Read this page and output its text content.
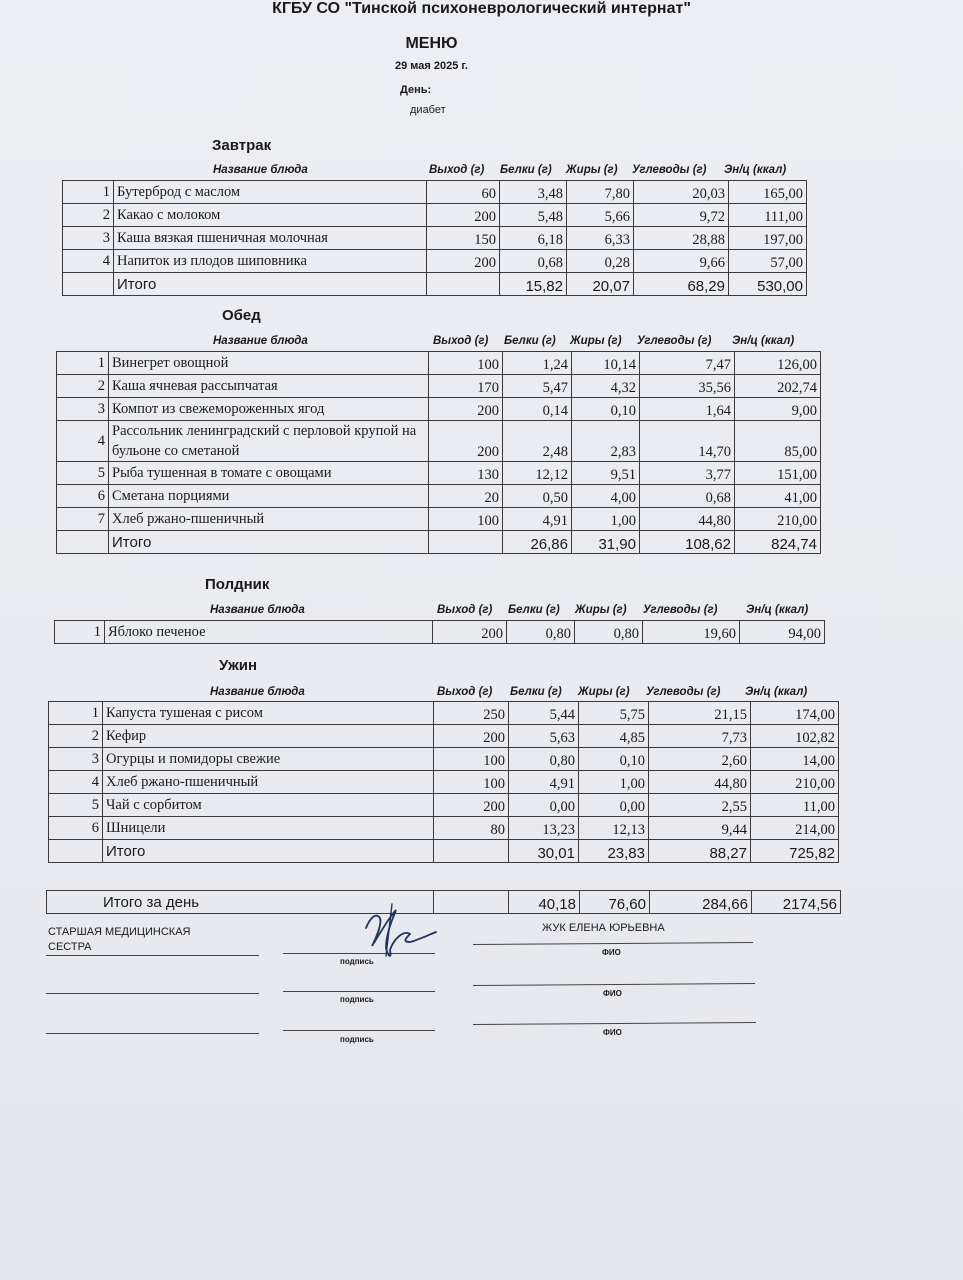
КГБУ СО "Тинской психоневрологический интернат"
МЕНЮ
29 мая 2025 г.
День:
диабет
Завтрак
Название блюда	Выход (г) Белки (г) Жиры (г) Углеводы (г) Эн/ц (ккал)
1	Бутерброд с маслом	60	3,48	7,80	20,03	165,00
2	Какао с молоком	200	5,48	5,66	9,72	111,00
3	Каша вязкая пшеничная молочная	150	6,18	6,33	28,88	197,00
4	Напиток из плодов шиповника	200	0,68	0,28	9,66	57,00
	Итого		15,82	20,07	68,29	530,00
Обед
Название блюда	Выход (г) Белки (г) Жиры (г) Углеводы (г) Эн/ц (ккал)
1	Винегрет овощной	100	1,24	10,14	7,47	126,00
2	Каша ячневая рассыпчатая	170	5,47	4,32	35,56	202,74
3	Компот из свежемороженных ягод	200	0,14	0,10	1,64	9,00
4	Рассольник ленинградский с перловой крупой на бульоне со сметаной	200	2,48	2,83	14,70	85,00
5	Рыба тушенная в томате с овощами	130	12,12	9,51	3,77	151,00
6	Сметана порциями	20	0,50	4,00	0,68	41,00
7	Хлеб ржано-пшеничный	100	4,91	1,00	44,80	210,00
	Итого		26,86	31,90	108,62	824,74
Полдник
Название блюда	Выход (г) Белки (г) Жиры (г) Углеводы (г) Эн/ц (ккал)
1	Яблоко печеное	200	0,80	0,80	19,60	94,00
Ужин
Название блюда	Выход (г) Белки (г) Жиры (г) Углеводы (г) Эн/ц (ккал)
1	Капуста тушеная с рисом	250	5,44	5,75	21,15	174,00
2	Кефир	200	5,63	4,85	7,73	102,82
3	Огурцы и помидоры свежие	100	0,80	0,10	2,60	14,00
4	Хлеб ржано-пшеничный	100	4,91	1,00	44,80	210,00
5	Чай с сорбитом	200	0,00	0,00	2,55	11,00
6	Шницели	80	13,23	12,13	9,44	214,00
	Итого		30,01	23,83	88,27	725,82
Итого за день		40,18	76,60	284,66	2174,56
СТАРШАЯ МЕДИЦИНСКАЯ СЕСТРА
подпись
ЖУК ЕЛЕНА ЮРЬЕВНА
ФИО
подпись
ФИО
подпись
ФИО
